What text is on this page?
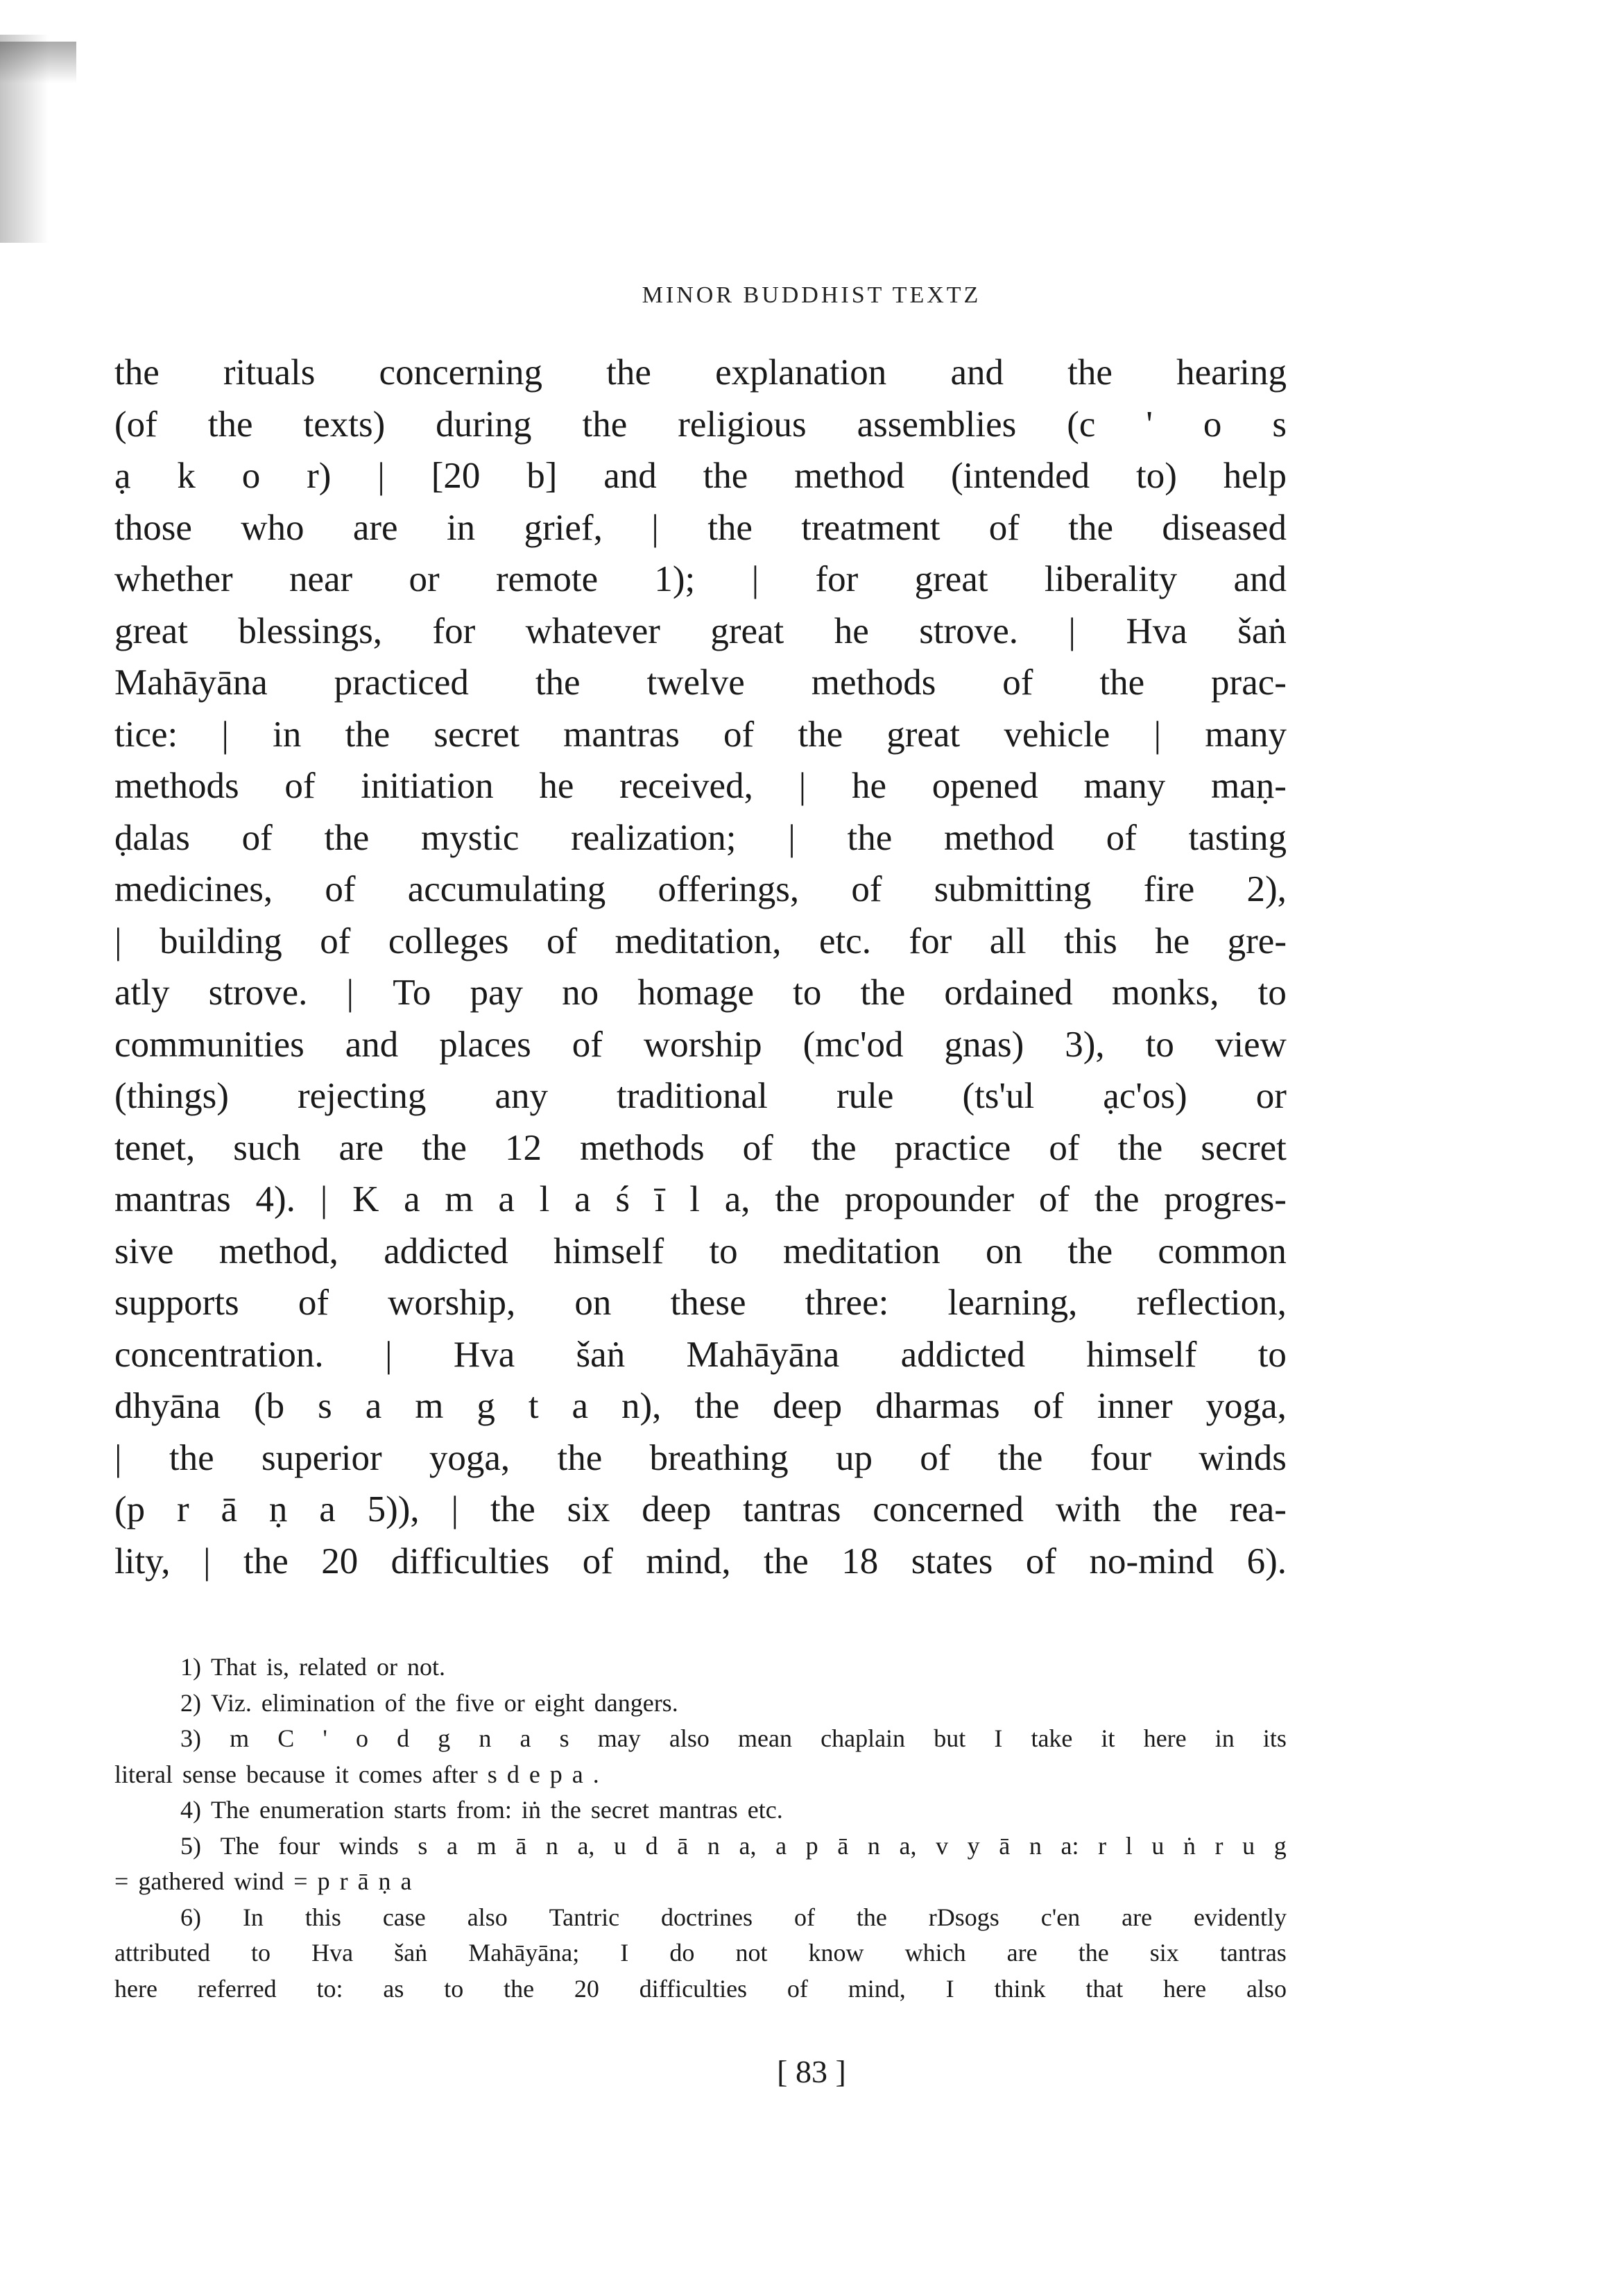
MINOR BUDDHIST TEXTZ
the rituals concerning the explanation and the hearing
(of the texts) during the religious assemblies (c ' o s
ạ k o r) | [20 b] and the method (intended to) help
those who are in grief, | the treatment of the diseased
whether near or remote 1); | for great liberality and
great blessings, for whatever great he strove. | Hva šaṅ
Mahāyāna practiced the twelve methods of the prac-
tice: | in the secret mantras of the great vehicle | many
methods of initiation he received, | he opened many maṇ-
ḍalas of the mystic realization; | the method of tasting
medicines, of accumulating offerings, of submitting fire 2),
| building of colleges of meditation, etc. for all this he gre-
atly strove. | To pay no homage to the ordained monks, to
communities and places of worship (mc'od gnas) 3), to view
(things) rejecting any traditional rule (ts'ul ạc'os) or
tenet, such are the 12 methods of the practice of the secret
mantras 4). | K a m a l a ś ī l a, the propounder of the progres-
sive method, addicted himself to meditation on the common
supports of worship, on these three: learning, reflection,
concentration. | Hva šaṅ Mahāyāna addicted himself to
dhyāna (b s a m g t a n), the deep dharmas of inner yoga,
| the superior yoga, the breathing up of the four winds
(p r ā ṇ a 5)), | the six deep tantras concerned with the rea-
lity, | the 20 difficulties of mind, the 18 states of no-mind 6).
1) That is, related or not.
2) Viz. elimination of the five or eight dangers.
3) m C ' o d g n a s may also mean chaplain but I take it here in its
literal sense because it comes after s d e p a .
4) The enumeration starts from: iṅ the secret mantras etc.
5) The four winds s a m ā n a, u d ā n a, a p ā n a, v y ā n a: r l u ṅ r u g
= gathered wind = p r ā ṇ a
6) In this case also Tantric doctrines of the rDsogs c'en are evidently
attributed to Hva šaṅ Mahāyāna; I do not know which are the six tantras
here referred to: as to the 20 difficulties of mind, I think that here also
[ 83 ]
